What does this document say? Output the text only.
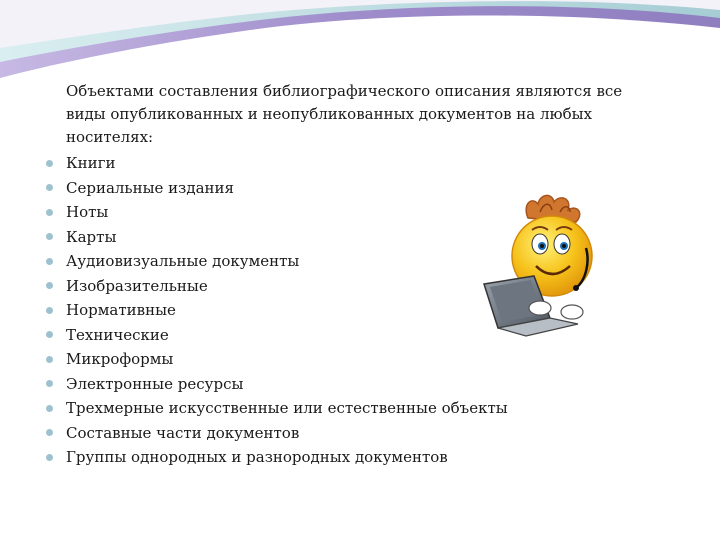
Объектами составления библиографического описания являются все виды опубликованных и неопубликованных документов на любых носителях:

Книги
Сериальные издания
Ноты
Карты
Аудиовизуальные документы
Изобразительные
Нормативные
Технические
Микроформы
Электронные ресурсы
Трехмерные искусственные или естественные объекты
Составные части документов
Группы однородных и разнородных документов
